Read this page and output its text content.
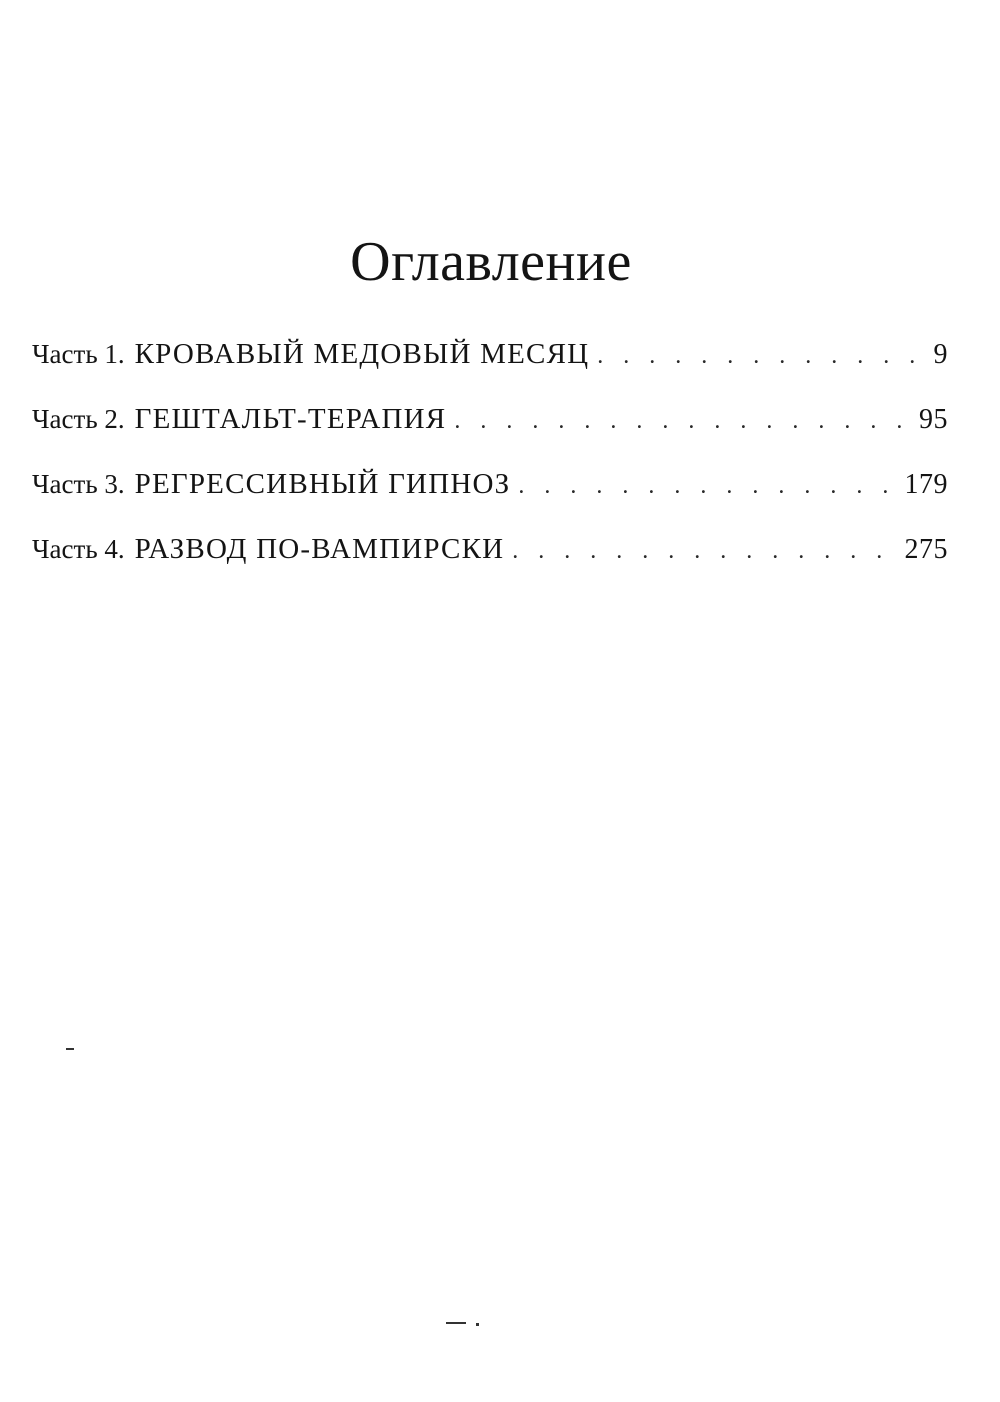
Оглавление
Часть 1. КРОВАВЫЙ МЕДОВЫЙ МЕСЯЦ . . .	9
Часть 2. ГЕШТАЛЬТ-ТЕРАПИЯ . . .	95
Часть 3. РЕГРЕССИВНЫЙ ГИПНОЗ . . .	179
Часть 4. РАЗВОД ПО-ВАМПИРСКИ . . .	275
